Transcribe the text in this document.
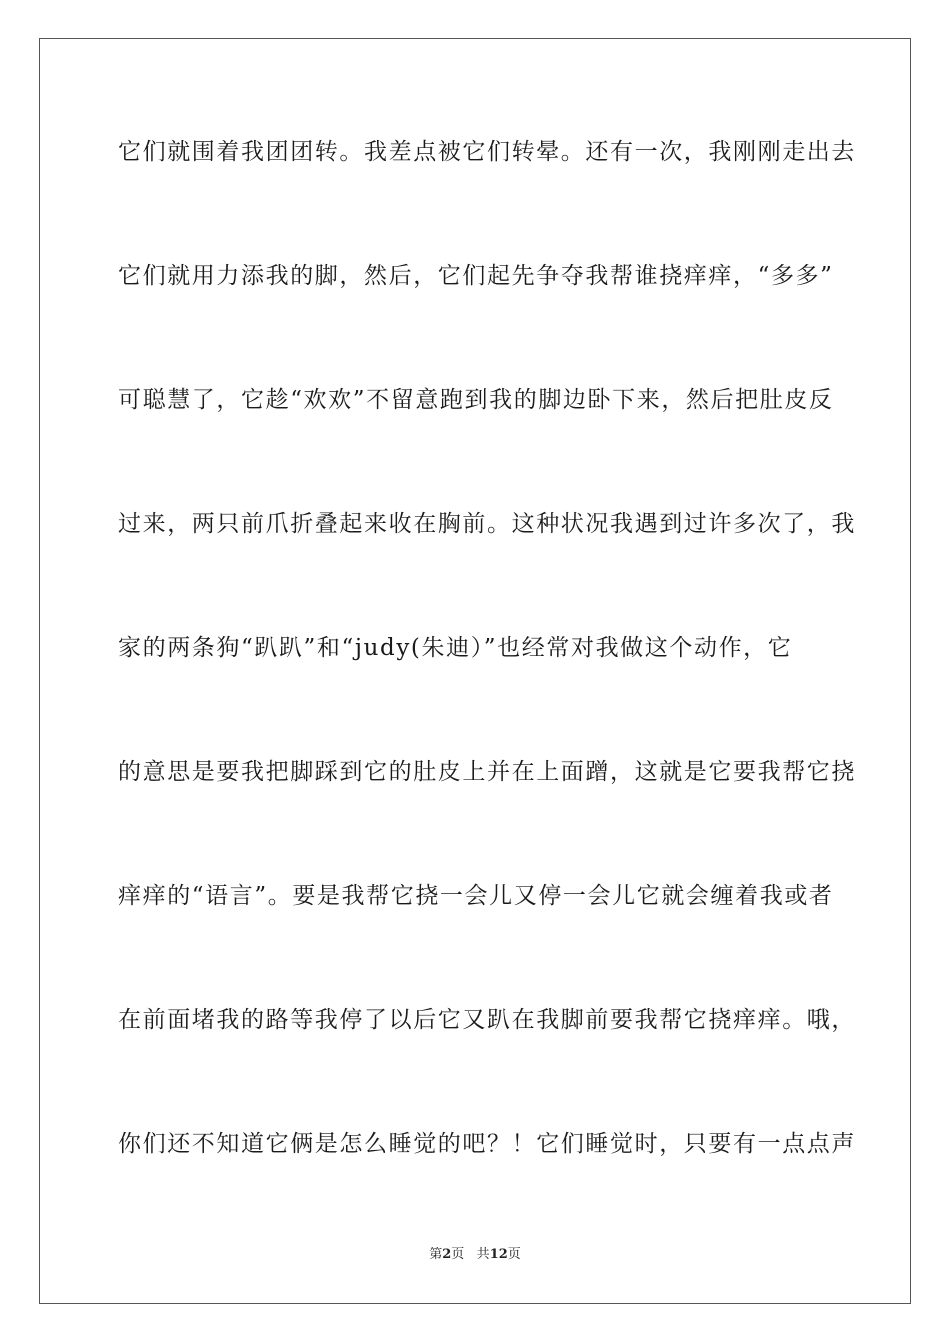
它们就围着我团团转。我差点被它们转晕。还有一次，我刚刚走出去
它们就用力添我的脚，然后，它们起先争夺我帮谁挠痒痒，“多多”
可聪慧了，它趁“欢欢”不留意跑到我的脚边卧下来，然后把肚皮反
过来，两只前爪折叠起来收在胸前。这种状况我遇到过许多次了，我
家的两条狗“趴趴”和“judy(朱迪）”也经常对我做这个动作，它
的意思是要我把脚踩到它的肚皮上并在上面蹭，这就是它要我帮它挠
痒痒的“语言”。要是我帮它挠一会儿又停一会儿它就会缠着我或者
在前面堵我的路等我停了以后它又趴在我脚前要我帮它挠痒痒。哦，
你们还不知道它俩是怎么睡觉的吧？！它们睡觉时，只要有一点点声
第2页 共12页
